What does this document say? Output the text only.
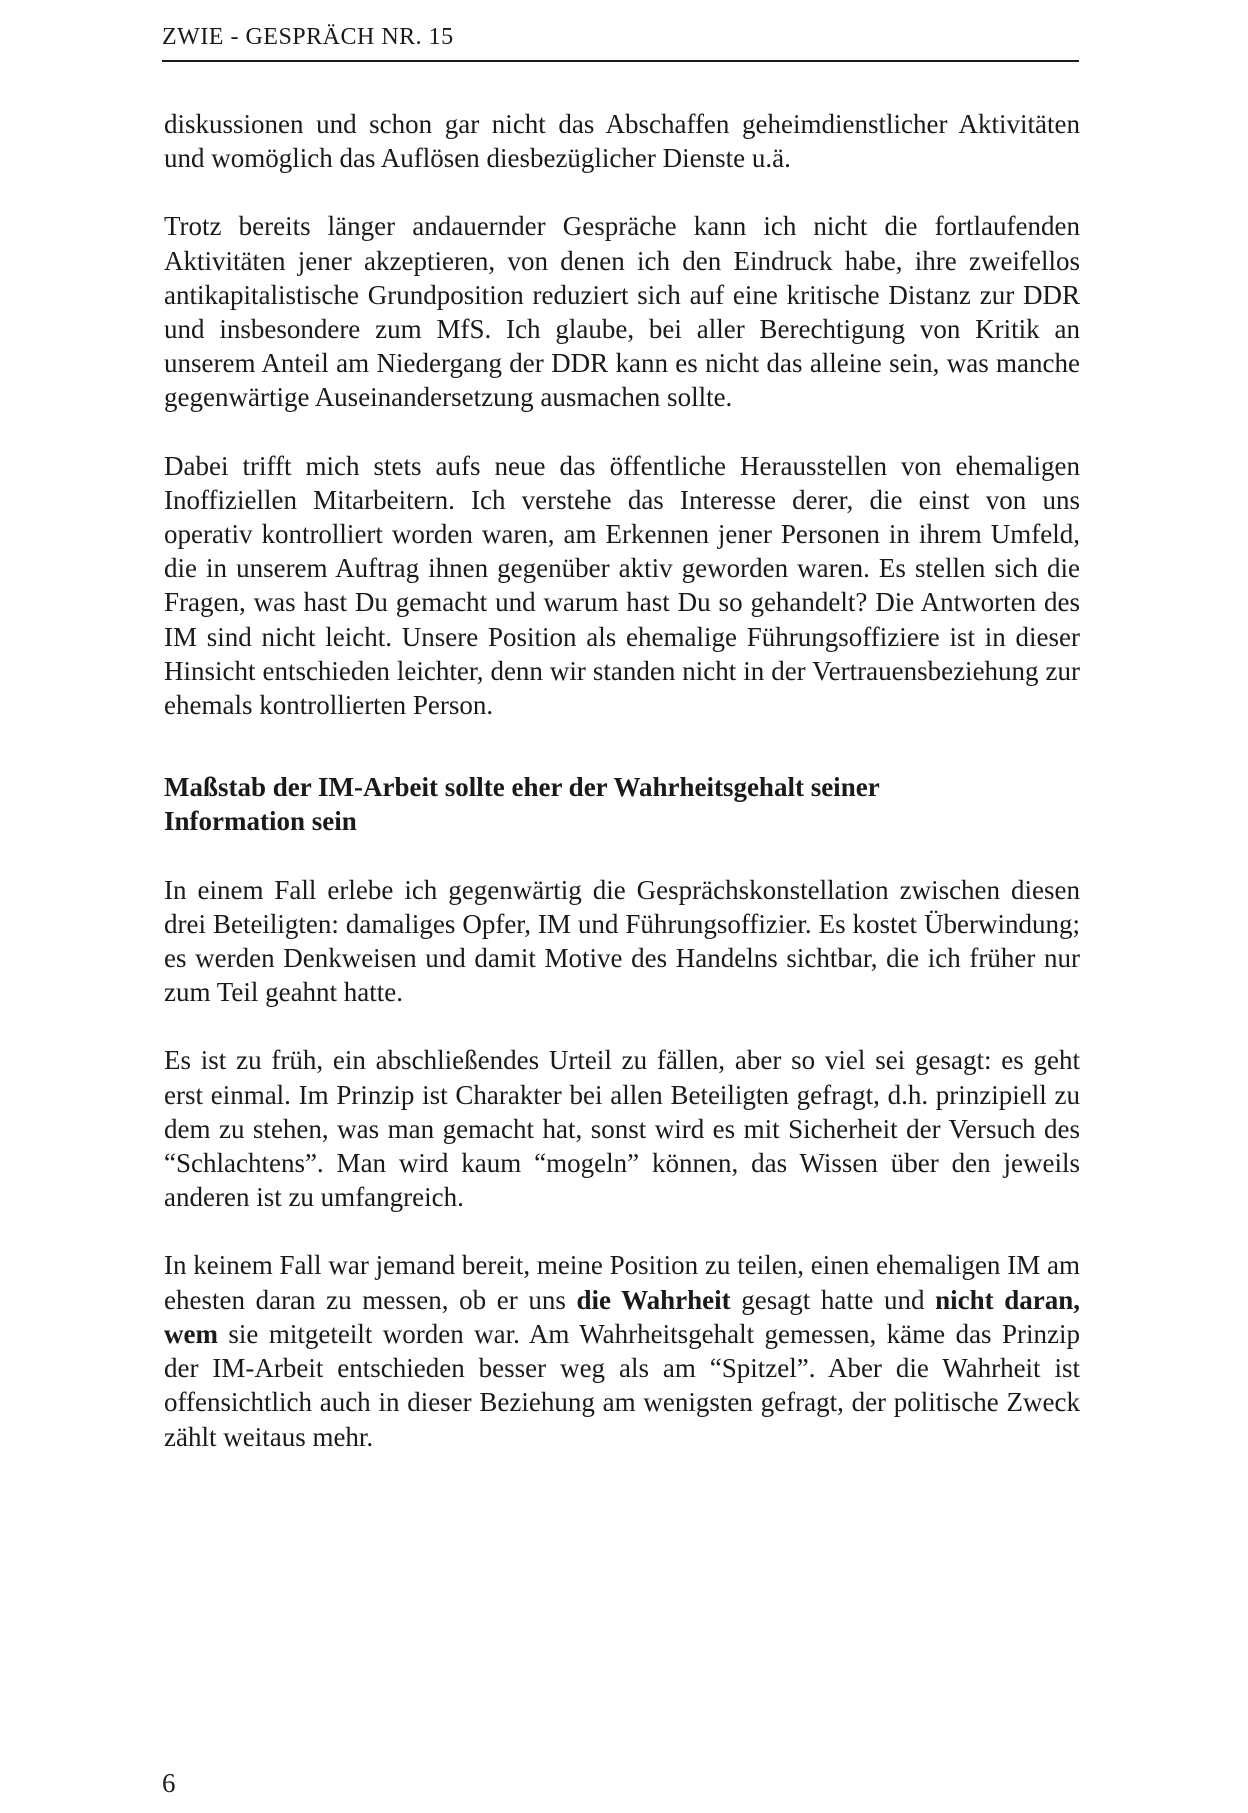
ZWIE - GESPRÄCH NR. 15

diskussionen und schon gar nicht das Abschaffen geheimdienstlicher Aktivitäten und womöglich das Auflösen diesbezüglicher Dienste u.ä.

Trotz bereits länger andauernder Gespräche kann ich nicht die fortlaufenden Aktivitäten jener akzeptieren, von denen ich den Eindruck habe, ihre zweifellos antikapitalistische Grundposition reduziert sich auf eine kritische Distanz zur DDR und insbesondere zum MfS. Ich glaube, bei aller Berechtigung von Kritik an unserem Anteil am Niedergang der DDR kann es nicht das alleine sein, was manche gegenwärtige Auseinandersetzung ausmachen sollte.

Dabei trifft mich stets aufs neue das öffentliche Herausstellen von ehemaligen Inoffiziellen Mitarbeitern. Ich verstehe das Interesse derer, die einst von uns operativ kontrolliert worden waren, am Erkennen jener Personen in ihrem Umfeld, die in unserem Auftrag ihnen gegenüber aktiv geworden waren. Es stellen sich die Fragen, was hast Du gemacht und warum hast Du so gehandelt? Die Antworten des IM sind nicht leicht. Unsere Position als ehemalige Führungsoffiziere ist in dieser Hinsicht entschieden leichter, denn wir standen nicht in der Vertrauensbeziehung zur ehemals kontrollierten Person.

Maßstab der IM-Arbeit sollte eher der Wahrheitsgehalt seiner Information sein

In einem Fall erlebe ich gegenwärtig die Gesprächskonstellation zwischen diesen drei Beteiligten: damaliges Opfer, IM und Führungsoffizier. Es kostet Überwindung; es werden Denkweisen und damit Motive des Handelns sichtbar, die ich früher nur zum Teil geahnt hatte.

Es ist zu früh, ein abschließendes Urteil zu fällen, aber so viel sei gesagt: es geht erst einmal. Im Prinzip ist Charakter bei allen Beteiligten gefragt, d.h. prinzipiell zu dem zu stehen, was man gemacht hat, sonst wird es mit Sicherheit der Versuch des “Schlachtens”. Man wird kaum “mogeln” können, das Wissen über den jeweils anderen ist zu umfangreich.

In keinem Fall war jemand bereit, meine Position zu teilen, einen ehemaligen IM am ehesten daran zu messen, ob er uns die Wahrheit gesagt hatte und nicht daran, wem sie mitgeteilt worden war. Am Wahrheitsgehalt gemessen, käme das Prinzip der IM-Arbeit entschieden besser weg als am “Spitzel”. Aber die Wahrheit ist offensichtlich auch in dieser Beziehung am wenigsten gefragt, der politische Zweck zählt weitaus mehr.

6
